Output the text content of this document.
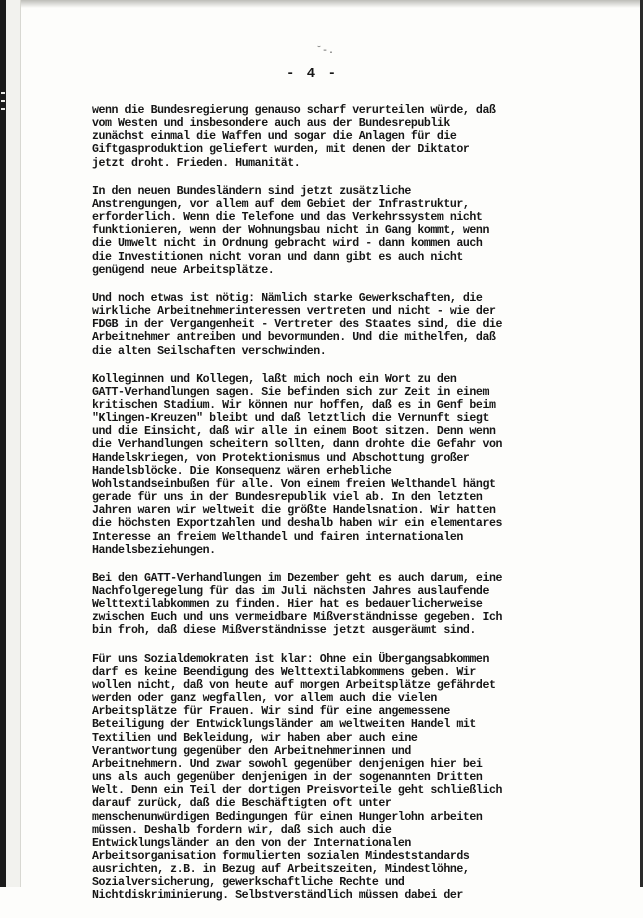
˘-.
- 4 -

wenn die Bundesregierung genauso scharf verurteilen würde, daß
vom Westen und insbesondere auch aus der Bundesrepublik
zunächst einmal die Waffen und sogar die Anlagen für die
Giftgasproduktion geliefert wurden, mit denen der Diktator
jetzt droht. Frieden. Humanität.

In den neuen Bundesländern sind jetzt zusätzliche
Anstrengungen, vor allem auf dem Gebiet der Infrastruktur,
erforderlich. Wenn die Telefone und das Verkehrssystem nicht
funktionieren, wenn der Wohnungsbau nicht in Gang kommt, wenn
die Umwelt nicht in Ordnung gebracht wird - dann kommen auch
die Investitionen nicht voran und dann gibt es auch nicht
genügend neue Arbeitsplätze.

Und noch etwas ist nötig: Nämlich starke Gewerkschaften, die
wirkliche Arbeitnehmerinteressen vertreten und nicht - wie der
FDGB in der Vergangenheit - Vertreter des Staates sind, die die
Arbeitnehmer antreiben und bevormunden. Und die mithelfen, daß
die alten Seilschaften verschwinden.

Kolleginnen und Kollegen, laßt mich noch ein Wort zu den
GATT-Verhandlungen sagen. Sie befinden sich zur Zeit in einem
kritischen Stadium. Wir können nur hoffen, daß es in Genf beim
"Klingen-Kreuzen" bleibt und daß letztlich die Vernunft siegt
und die Einsicht, daß wir alle in einem Boot sitzen. Denn wenn
die Verhandlungen scheitern sollten, dann drohte die Gefahr von
Handelskriegen, von Protektionismus und Abschottung großer
Handelsblöcke. Die Konsequenz wären erhebliche
Wohlstandseinbußen für alle. Von einem freien Welthandel hängt
gerade für uns in der Bundesrepublik viel ab. In den letzten
Jahren waren wir weltweit die größte Handelsnation. Wir hatten
die höchsten Exportzahlen und deshalb haben wir ein elementares
Interesse an freiem Welthandel und fairen internationalen
Handelsbeziehungen.

Bei den GATT-Verhandlungen im Dezember geht es auch darum, eine
Nachfolgeregelung für das im Juli nächsten Jahres auslaufende
Welttextilabkommen zu finden. Hier hat es bedauerlicherweise
zwischen Euch und uns vermeidbare Mißverständnisse gegeben. Ich
bin froh, daß diese Mißverständnisse jetzt ausgeräumt sind.

Für uns Sozialdemokraten ist klar: Ohne ein Übergangsabkommen
darf es keine Beendigung des Welttextilabkommens geben. Wir
wollen nicht, daß von heute auf morgen Arbeitsplätze gefährdet
werden oder ganz wegfallen, vor allem auch die vielen
Arbeitsplätze für Frauen. Wir sind für eine angemessene
Beteiligung der Entwicklungsländer am weltweiten Handel mit
Textilien und Bekleidung, wir haben aber auch eine
Verantwortung gegenüber den Arbeitnehmerinnen und
Arbeitnehmern. Und zwar sowohl gegenüber denjenigen hier bei
uns als auch gegenüber denjenigen in der sogenannten Dritten
Welt. Denn ein Teil der dortigen Preisvorteile geht schließlich
darauf zurück, daß die Beschäftigten oft unter
menschenunwürdigen Bedingungen für einen Hungerlohn arbeiten
müssen. Deshalb fordern wir, daß sich auch die
Entwicklungsländer an den von der Internationalen
Arbeitsorganisation formulierten sozialen Mindeststandards
ausrichten, z.B. in Bezug auf Arbeitszeiten, Mindestlöhne,
Sozialversicherung, gewerkschaftliche Rechte und
Nichtdiskriminierung. Selbstverständlich müssen dabei der
